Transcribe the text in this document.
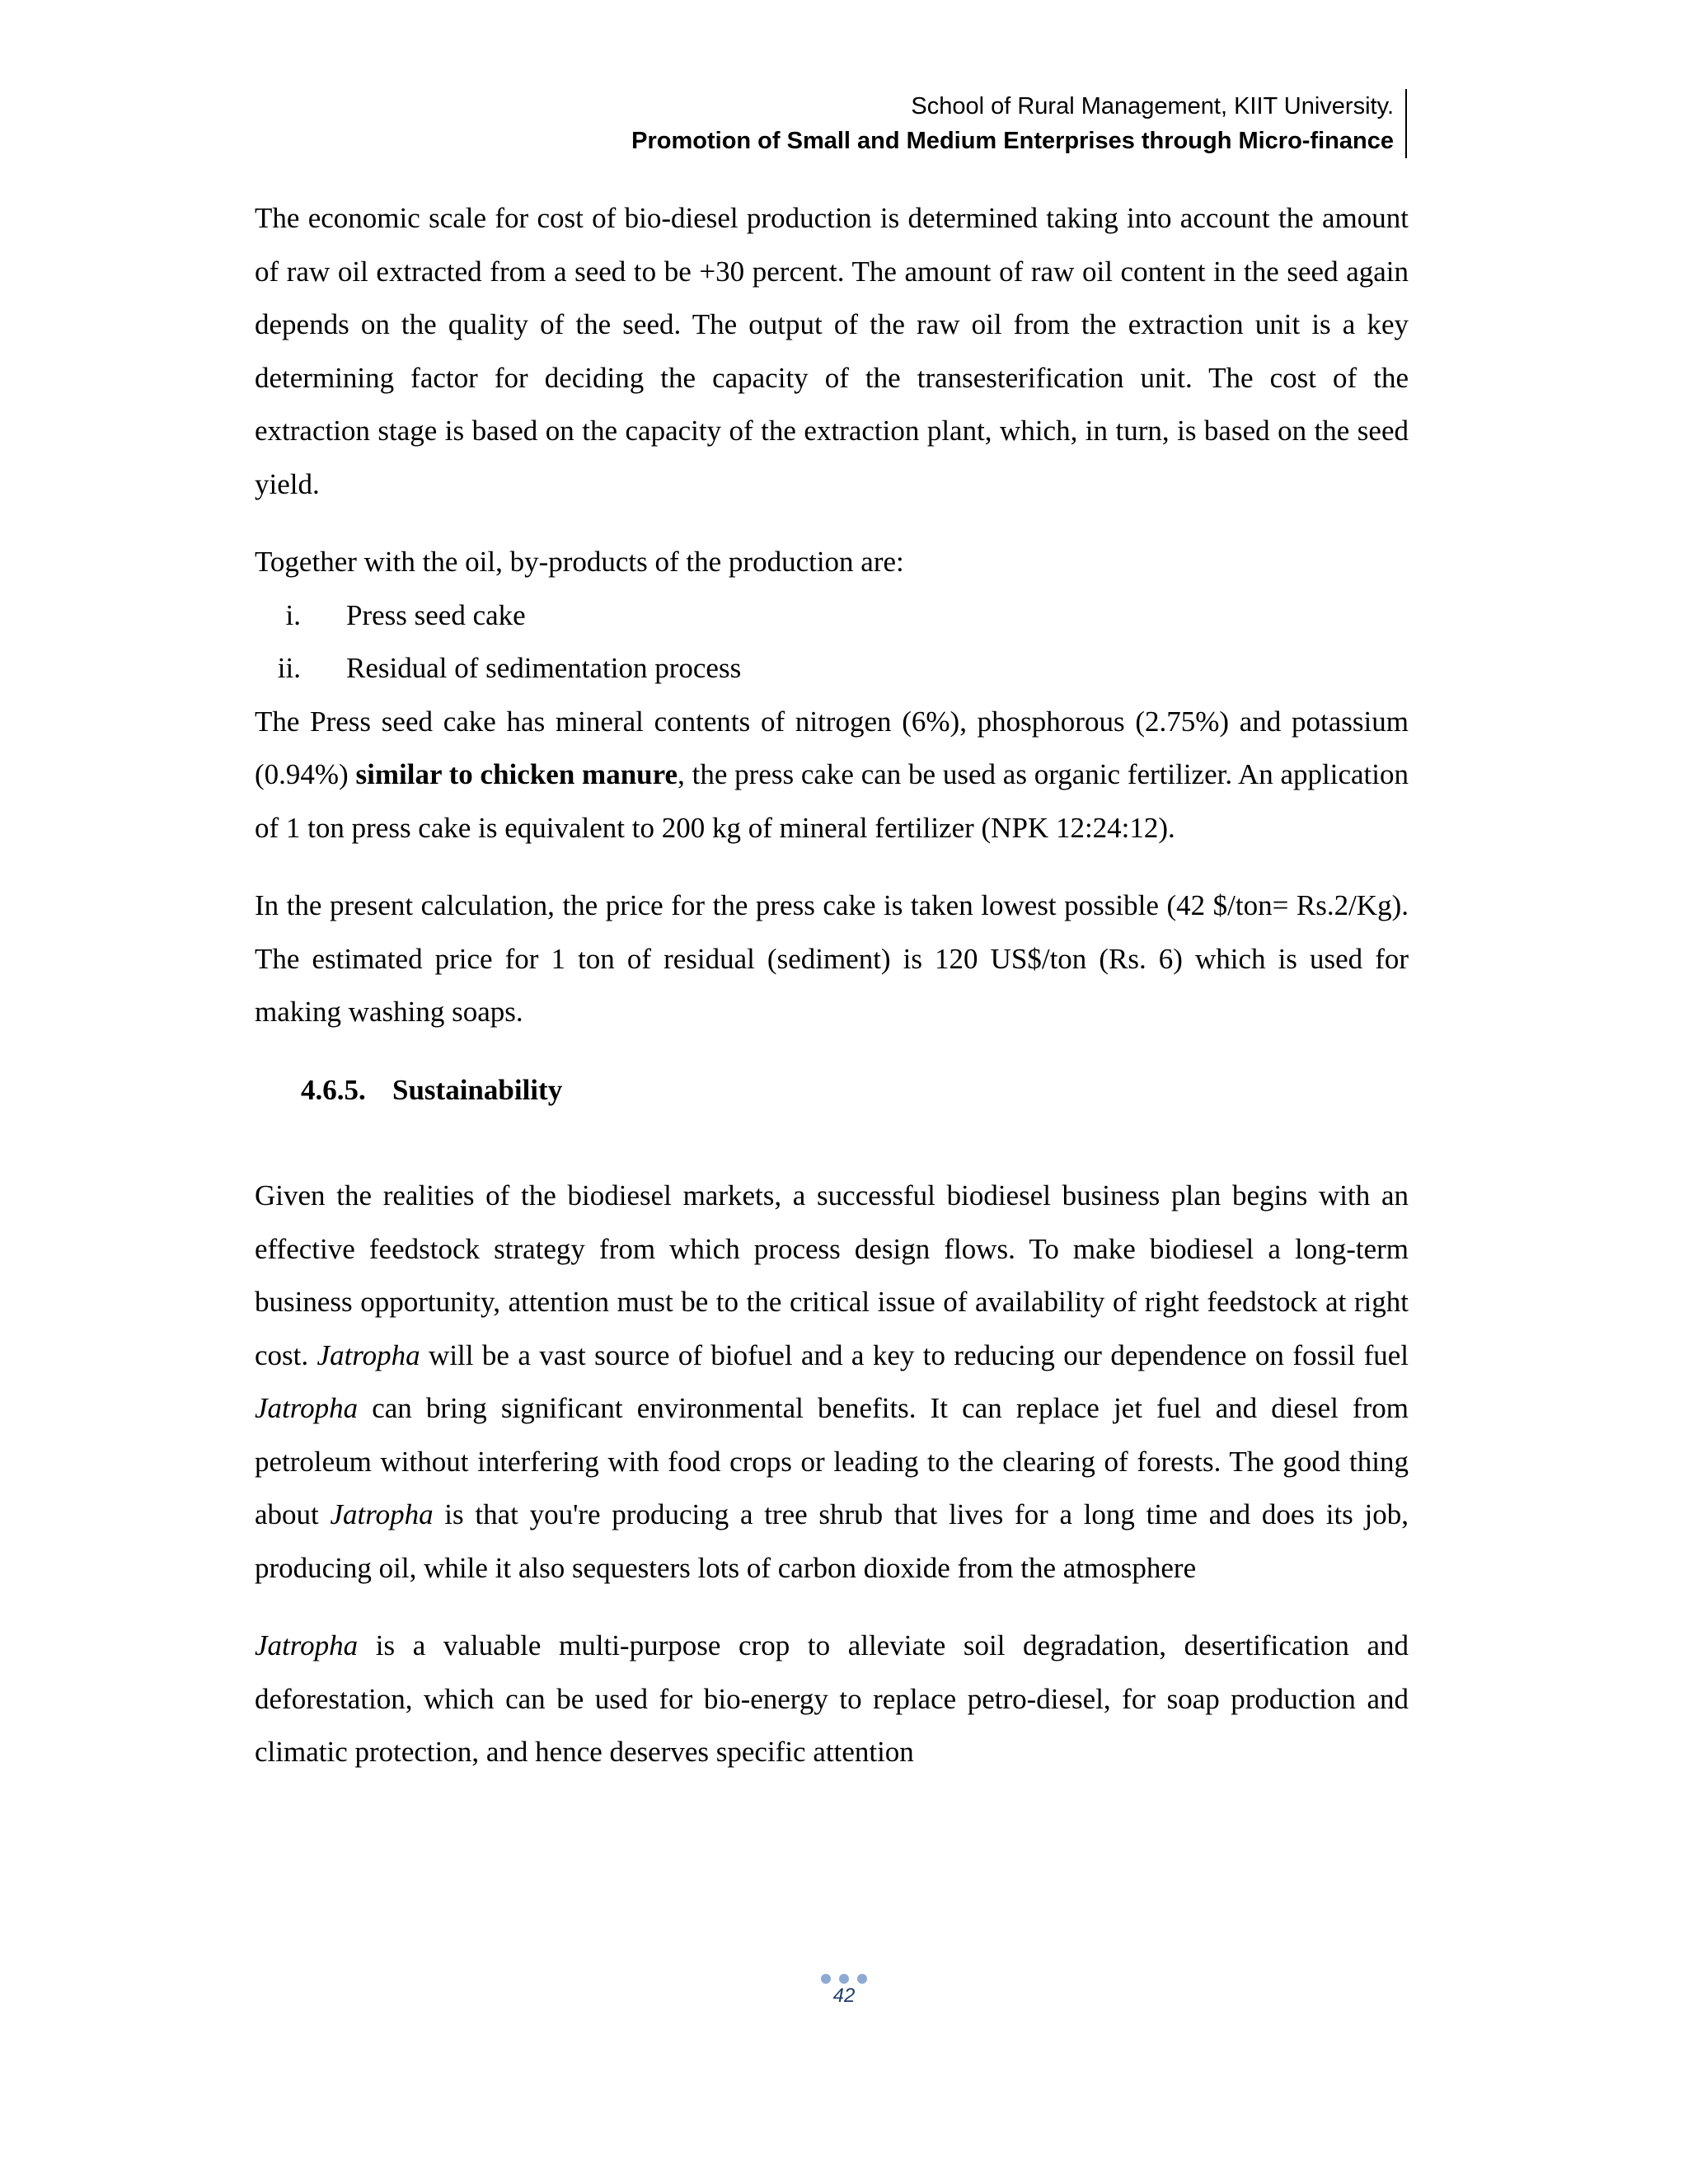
School of Rural Management, KIIT University.
Promotion of Small and Medium Enterprises through Micro-finance

The economic scale for cost of bio-diesel production is determined taking into account the amount of raw oil extracted from a seed to be +30 percent. The amount of raw oil content in the seed again depends on the quality of the seed. The output of the raw oil from the extraction unit is a key determining factor for deciding the capacity of the transesterification unit. The cost of the extraction stage is based on the capacity of the extraction plant, which, in turn, is based on the seed yield.

Together with the oil, by-products of the production are:

i. Press seed cake
ii. Residual of sedimentation process

The Press seed cake has mineral contents of nitrogen (6%), phosphorous (2.75%) and potassium (0.94%) similar to chicken manure, the press cake can be used as organic fertilizer. An application of 1 ton press cake is equivalent to 200 kg of mineral fertilizer (NPK 12:24:12).

In the present calculation, the price for the press cake is taken lowest possible (42 $/ton= Rs.2/Kg). The estimated price for 1 ton of residual (sediment) is 120 US$/ton (Rs. 6) which is used for making washing soaps.

4.6.5. Sustainability

Given the realities of the biodiesel markets, a successful biodiesel business plan begins with an effective feedstock strategy from which process design flows. To make biodiesel a long-term business opportunity, attention must be to the critical issue of availability of right feedstock at right cost. Jatropha will be a vast source of biofuel and a key to reducing our dependence on fossil fuel Jatropha can bring significant environmental benefits. It can replace jet fuel and diesel from petroleum without interfering with food crops or leading to the clearing of forests. The good thing about Jatropha is that you're producing a tree shrub that lives for a long time and does its job, producing oil, while it also sequesters lots of carbon dioxide from the atmosphere

Jatropha is a valuable multi-purpose crop to alleviate soil degradation, desertification and deforestation, which can be used for bio-energy to replace petro-diesel, for soap production and climatic protection, and hence deserves specific attention

42
